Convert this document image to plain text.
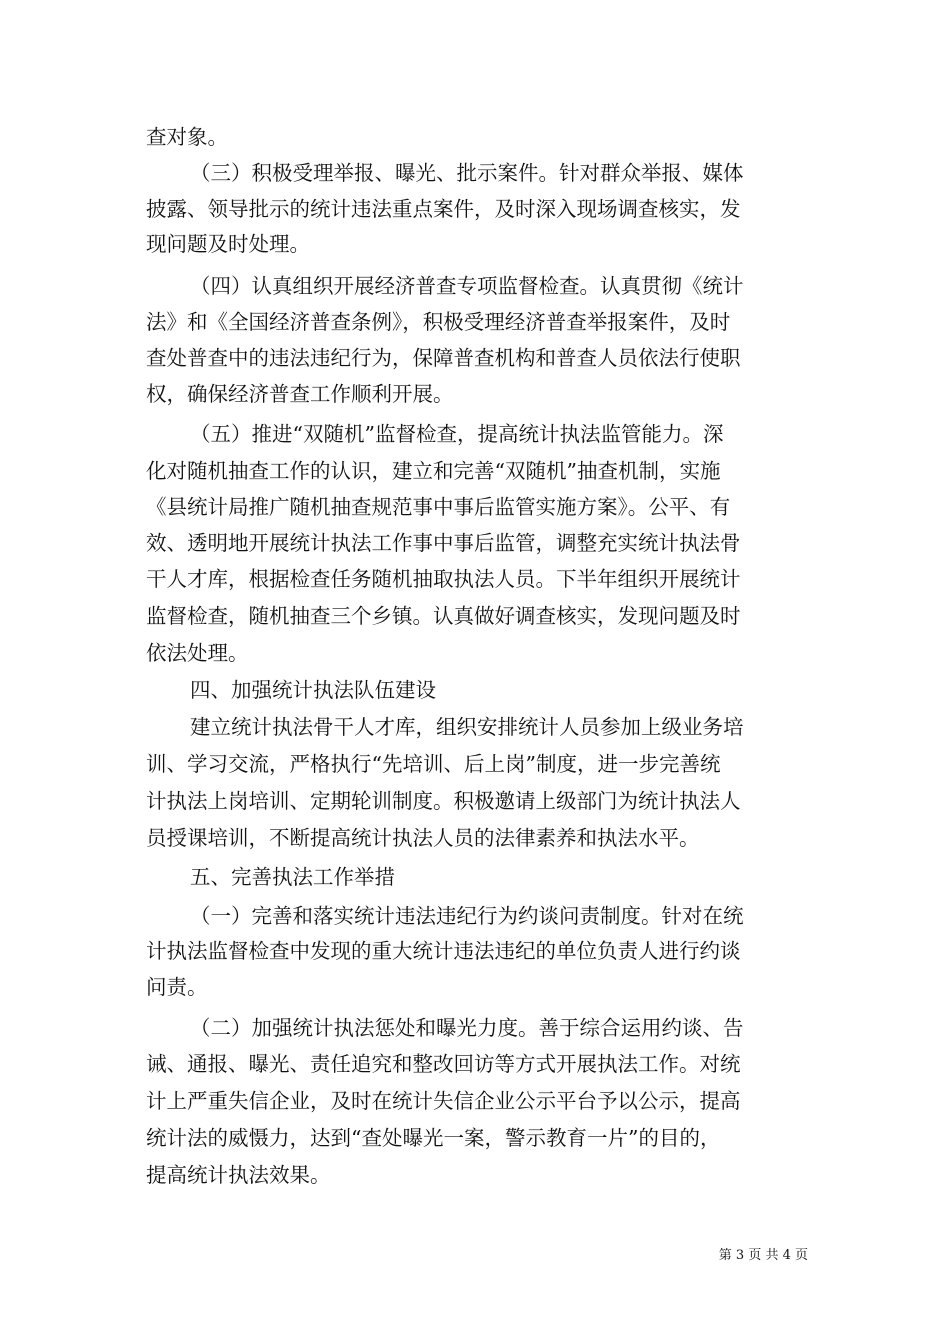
查对象。
（三）积极受理举报、曝光、批示案件。针对群众举报、媒体
披露、领导批示的统计违法重点案件，及时深入现场调查核实，发
现问题及时处理。
（四）认真组织开展经济普查专项监督检查。认真贯彻《统计
法》和《全国经济普查条例》，积极受理经济普查举报案件，及时
查处普查中的违法违纪行为，保障普查机构和普查人员依法行使职
权，确保经济普查工作顺利开展。
（五）推进“双随机”监督检查，提高统计执法监管能力。深
化对随机抽查工作的认识，建立和完善“双随机”抽查机制，实施
《县统计局推广随机抽查规范事中事后监管实施方案》。公平、有
效、透明地开展统计执法工作事中事后监管，调整充实统计执法骨
干人才库，根据检查任务随机抽取执法人员。下半年组织开展统计
监督检查，随机抽查三个乡镇。认真做好调查核实，发现问题及时
依法处理。
四、加强统计执法队伍建设
建立统计执法骨干人才库，组织安排统计人员参加上级业务培
训、学习交流，严格执行“先培训、后上岗”制度，进一步完善统
计执法上岗培训、定期轮训制度。积极邀请上级部门为统计执法人
员授课培训，不断提高统计执法人员的法律素养和执法水平。
五、完善执法工作举措
（一）完善和落实统计违法违纪行为约谈问责制度。针对在统
计执法监督检查中发现的重大统计违法违纪的单位负责人进行约谈
问责。
（二）加强统计执法惩处和曝光力度。善于综合运用约谈、告
诫、通报、曝光、责任追究和整改回访等方式开展执法工作。对统
计上严重失信企业，及时在统计失信企业公示平台予以公示，提高
统计法的威慑力，达到“查处曝光一案，警示教育一片”的目的，
提高统计执法效果。
第 3 页 共 4 页
